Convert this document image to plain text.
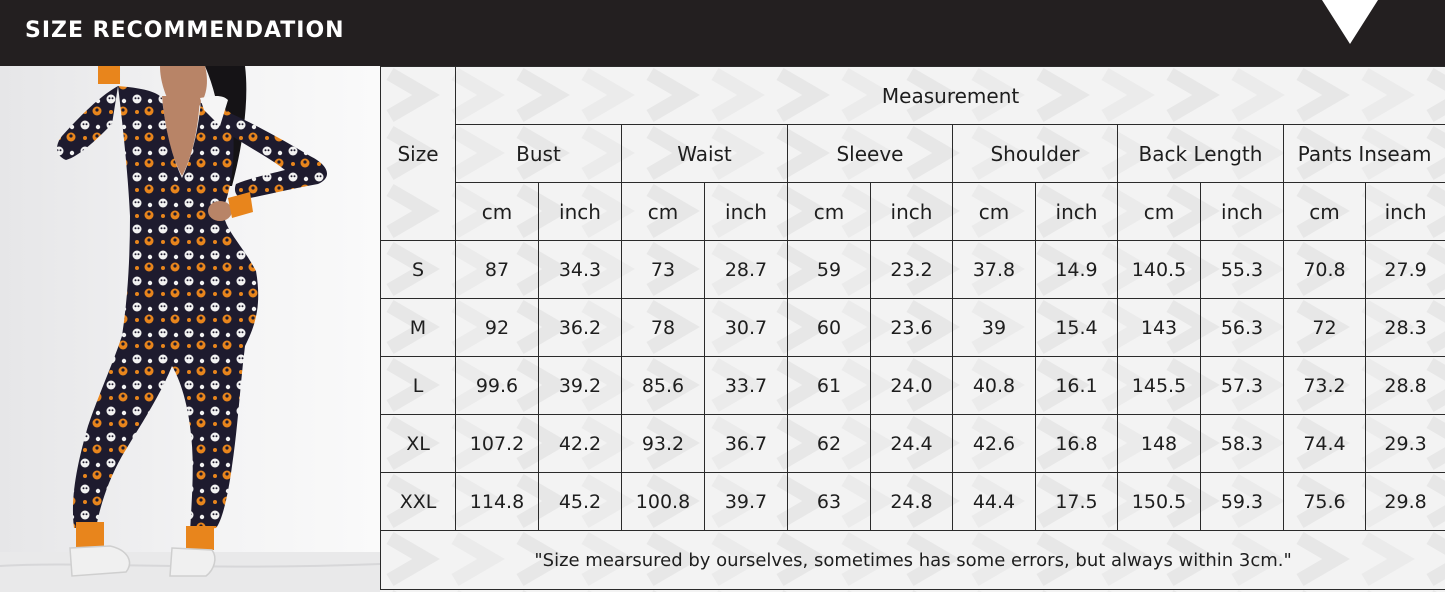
SIZE RECOMMENDATION
Size	Measurement											
	Bust		Waist		Sleeve		Shoulder		Back Length		Pants Inseam	
	cm	inch	cm	inch	cm	inch	cm	inch	cm	inch	cm	inch
S	87	34.3	73	28.7	59	23.2	37.8	14.9	140.5	55.3	70.8	27.9
M	92	36.2	78	30.7	60	23.6	39	15.4	143	56.3	72	28.3
L	99.6	39.2	85.6	33.7	61	24.0	40.8	16.1	145.5	57.3	73.2	28.8
XL	107.2	42.2	93.2	36.7	62	24.4	42.6	16.8	148	58.3	74.4	29.3
XXL	114.8	45.2	100.8	39.7	63	24.8	44.4	17.5	150.5	59.3	75.6	29.8
"Size mearsured by ourselves, sometimes has some errors, but always within 3cm."												
